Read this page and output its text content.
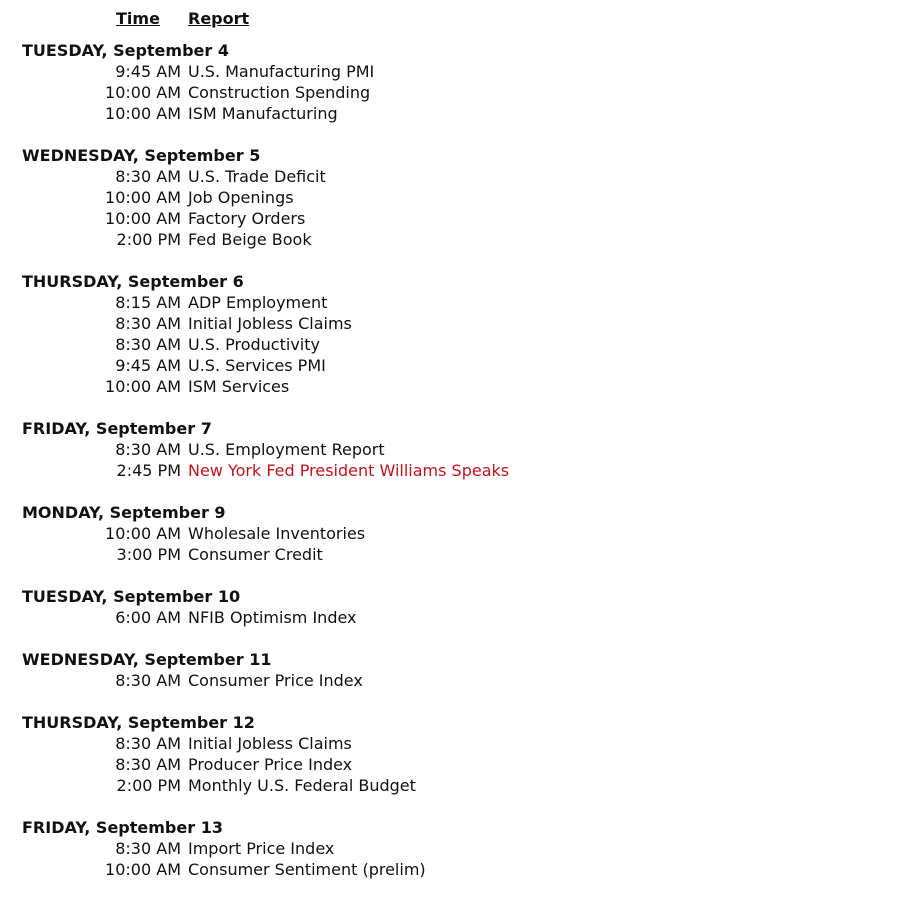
Time	Report
TUESDAY, September 4
9:45 AM U.S. Manufacturing PMI
10:00 AM Construction Spending
10:00 AM ISM Manufacturing
WEDNESDAY, September 5
8:30 AM U.S. Trade Deficit
10:00 AM Job Openings
10:00 AM Factory Orders
2:00 PM Fed Beige Book
THURSDAY, September 6
8:15 AM ADP Employment
8:30 AM Initial Jobless Claims
8:30 AM U.S. Productivity
9:45 AM U.S. Services PMI
10:00 AM ISM Services
FRIDAY, September 7
8:30 AM U.S. Employment Report
2:45 PM New York Fed President Williams Speaks
MONDAY, September 9
10:00 AM Wholesale Inventories
3:00 PM Consumer Credit
TUESDAY, September 10
6:00 AM NFIB Optimism Index
WEDNESDAY, September 11
8:30 AM Consumer Price Index
THURSDAY, September 12
8:30 AM Initial Jobless Claims
8:30 AM Producer Price Index
2:00 PM Monthly U.S. Federal Budget
FRIDAY, September 13
8:30 AM Import Price Index
10:00 AM Consumer Sentiment (prelim)
